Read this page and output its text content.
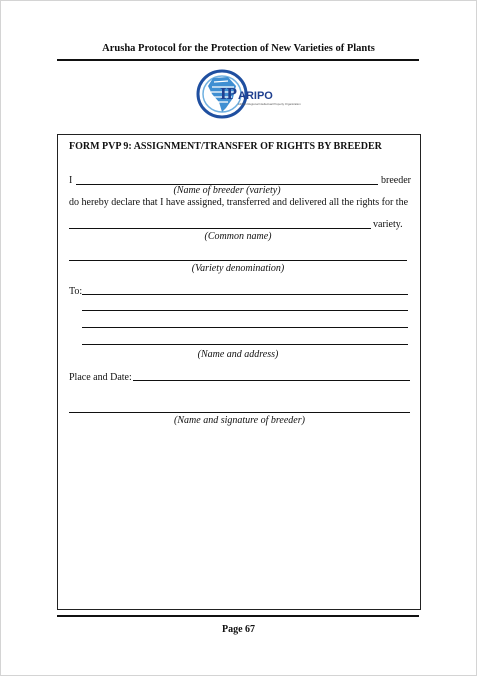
Arusha Protocol for the Protection of New Varieties of Plants
IP ARIPO
African Regional Intellectual Property Organization
FORM PVP 9: ASSIGNMENT/TRANSFER OF RIGHTS BY BREEDER
I	breeder
(Name of breeder (variety)
do hereby declare that I have assigned, transferred and delivered all the rights for the
variety.
(Common name)
(Variety denomination)
To:
(Name and address)
Place and Date:
(Name and signature of breeder)
Page 67
